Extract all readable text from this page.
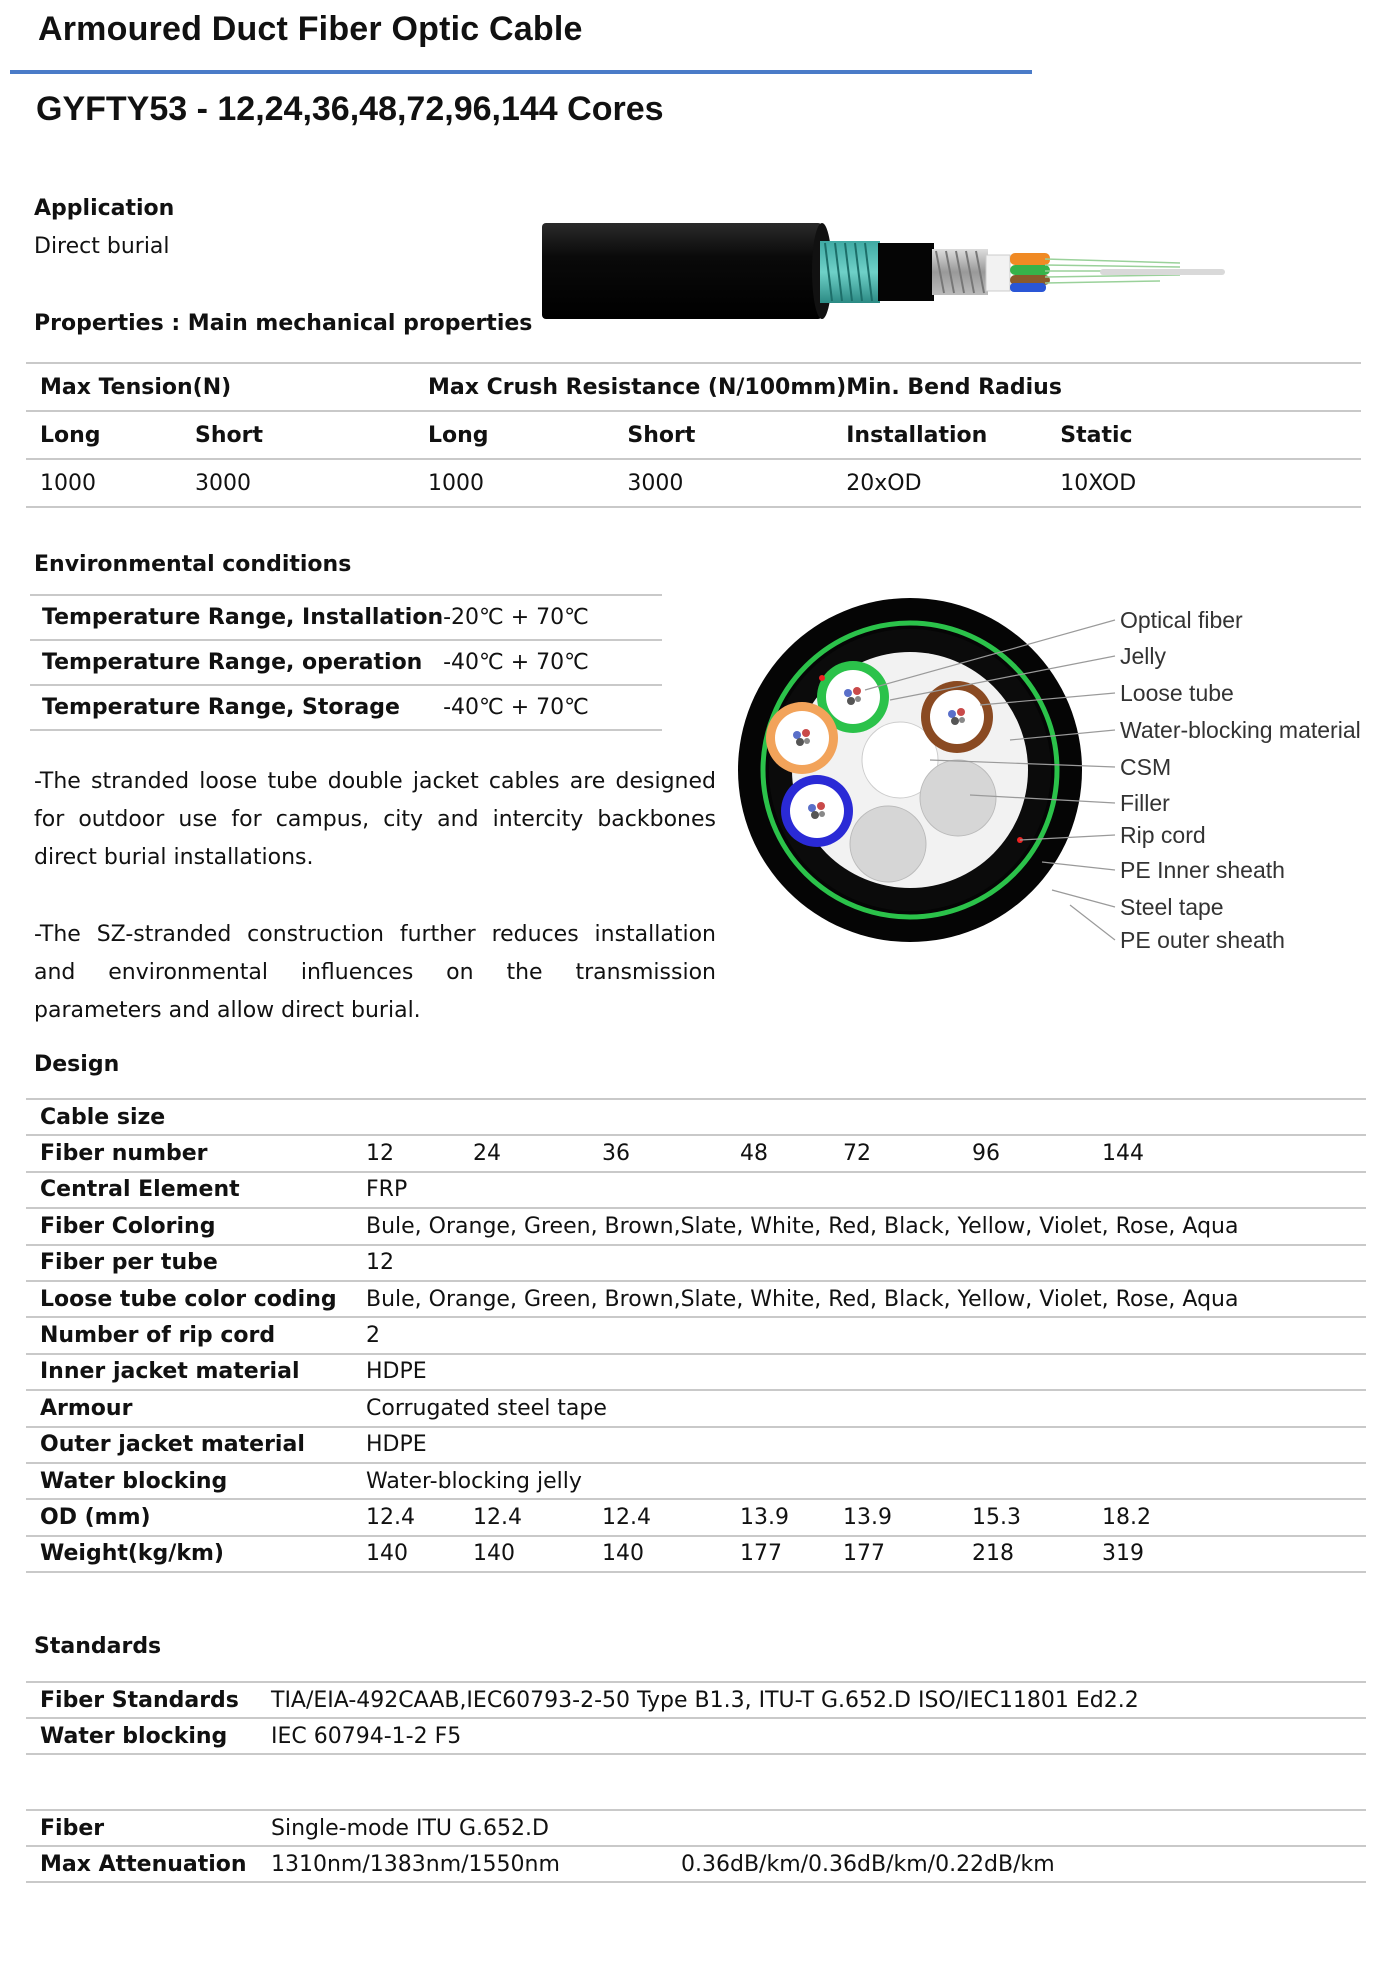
Armoured Duct Fiber Optic Cable
GYFTY53 - 12,24,36,48,72,96,144 Cores
Application
Direct burial
Properties : Main mechanical properties
Max Tension(N)		Max Crush Resistance (N/100mm)		Min. Bend Radius	
Long	Short	Long	Short	Installation	Static
1000	3000	1000	3000	20xOD	10XOD
Environmental conditions
Temperature Range, Installation	-20℃ + 70℃
Temperature Range, operation	-40℃ + 70℃
Temperature Range, Storage	-40℃ + 70℃
-The stranded loose tube double jacket cables are designed for outdoor use for campus, city and intercity backbones direct burial installations.
-The SZ-stranded construction further reduces installation and environmental influences on the transmission parameters and allow direct burial.
Optical fiber
Jelly
Loose tube
Water-blocking material
CSM
Filler
Rip cord
PE Inner sheath
Steel tape
PE outer sheath
Design
Cable size							
Fiber number	12	24	36	48	72	96	144
Central Element	FRP						
Fiber Coloring	Bule, Orange, Green, Brown,Slate, White, Red, Black, Yellow, Violet, Rose, Aqua						
Fiber per tube	12						
Loose tube color coding	Bule, Orange, Green, Brown,Slate, White, Red, Black, Yellow, Violet, Rose, Aqua						
Number of rip cord	2						
Inner jacket material	HDPE						
Armour	Corrugated steel tape						
Outer jacket material	HDPE						
Water blocking	Water-blocking jelly						
OD (mm)	12.4	12.4	12.4	13.9	13.9	15.3	18.2
Weight(kg/km)	140	140	140	177	177	218	319
Standards
Fiber Standards	TIA/EIA-492CAAB,IEC60793-2-50 Type B1.3, ITU-T G.652.D ISO/IEC11801 Ed2.2
Water blocking	IEC 60794-1-2 F5
Fiber	Single-mode ITU G.652.D	
Max Attenuation	1310nm/1383nm/1550nm	0.36dB/km/0.36dB/km/0.22dB/km
